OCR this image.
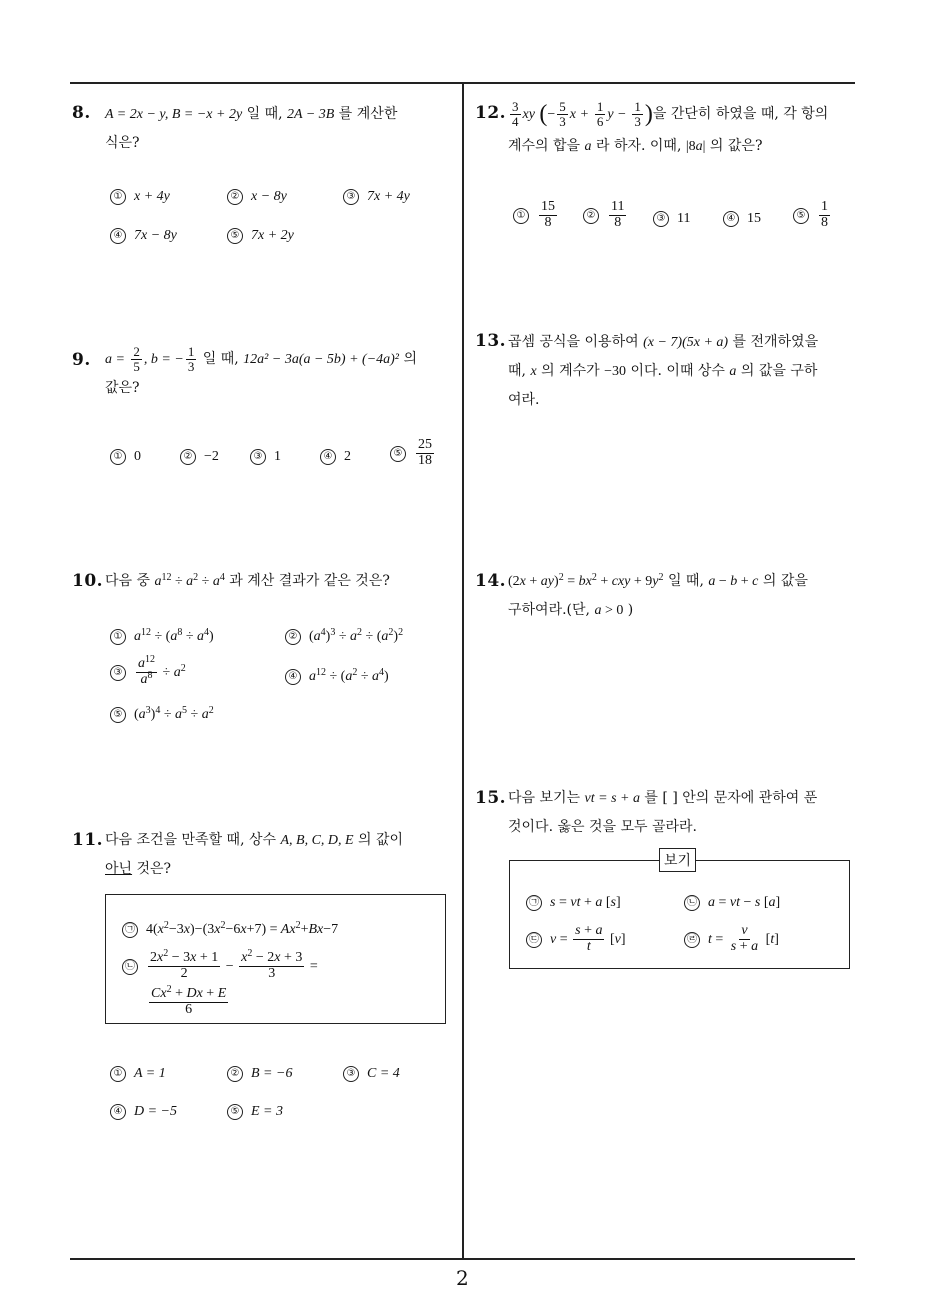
2
8. A = 2x − y, B = −x + 2y 일 때, 2A − 3B 를 계산한
식은?
① x + 4y	② x − 8y	③ 7x + 4y
④ 7x − 8y	⑤ 7x + 2y
9. $a = \frac{2}{5}$ , b = − $\frac{1}{3}$ 일 때, 12a² − 3a(a − 5b) + (−4a)² 의
값은?
① 0	② −2	③ 1	④ 2	⑤ $\frac{25}{18}$
10. 다음 중 $a^{12} \div a^2 \div a^4$ 과 계산 결과가 같은 것은?
① $a^{12} \div (a^8 \div a^4)$	② $(a^4)^3 \div a^2 \div (a^2)^2$
③ $\frac{a^{12}}{a^8} \div a^2$
④ $a^{12} \div (a^2 \div a^4)$
⑤ $(a^3)^4 \div a^5 \div a^2$
11. 다음 조건을 만족할 때, 상수 A, B, C, D, E 의 값이
아닌 것은?
㉠ $4(x^2-3x)-(3x^2-6x+7) = Ax^2+Bx-7$
㉡ $\frac{2x^2 - 3x + 1}{2} - \frac{x^2 - 2x + 3}{3}$ =
$\frac{Cx^2 + Dx + E}{6}$
① A = 1	② B = −6	③ C = 4
④ D = −5	⑤ E = 3
12. $\frac{3}{4}$ xy (− $\frac{5}{3}$ $x + \frac{1}{6}$ $y - \frac{1}{3}$ )을 간단히 하였을 때, 각 항의
계수의 합을 a 라 하자. 이때, |8a| 의 값은?
① $\frac{15}{8}$	② $\frac{11}{8}$	③ 11	④ 15	⑤ $\frac{1}{8}$
13. 곱셈 공식을 이용하여 (x − 7)(5x + a) 를 전개하였을
때, x 의 계수가 −30 이다. 이때 상수 a 의 값을 구하
여라.
14. $(2x + ay)^2 = bx^2$ + cxy + $9y^2$ 일 때, a − b + c 의 값을
구하여라.(단, a > 0 )
15. 다음 보기는 vt = s + a 를 [ ] 안의 문자에 관하여 푼
것이다. 옳은 것을 모두 골라라.
보기
㉠ s = vt + a [s]	㉡ a = vt − s [a]
㉢ $v = \frac{s + a}{t} [v]$	㉣ $t = \frac{v}{s + a} [t]$
